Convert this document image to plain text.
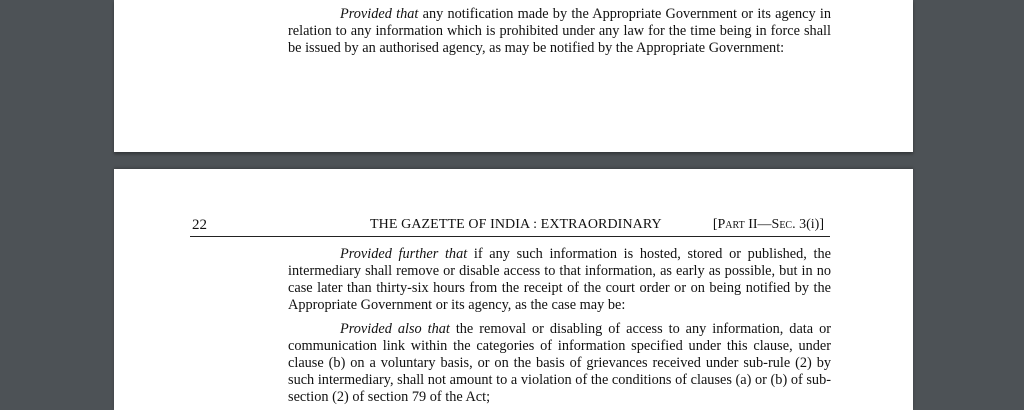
Provided that any notification made by the Appropriate Government or its agency in relation to any information which is prohibited under any law for the time being in force shall be issued by an authorised agency, as may be notified by the Appropriate Government:

22	THE GAZETTE OF INDIA : EXTRAORDINARY	[Part II—Sec. 3(i)]

Provided further that if any such information is hosted, stored or published, the intermediary shall remove or disable access to that information, as early as possible, but in no case later than thirty-six hours from the receipt of the court order or on being notified by the Appropriate Government or its agency, as the case may be:

Provided also that the removal or disabling of access to any information, data or communication link within the categories of information specified under this clause, under clause (b) on a voluntary basis, or on the basis of grievances received under sub-rule (2) by such intermediary, shall not amount to a violation of the conditions of clauses (a) or (b) of sub-section (2) of section 79 of the Act;
